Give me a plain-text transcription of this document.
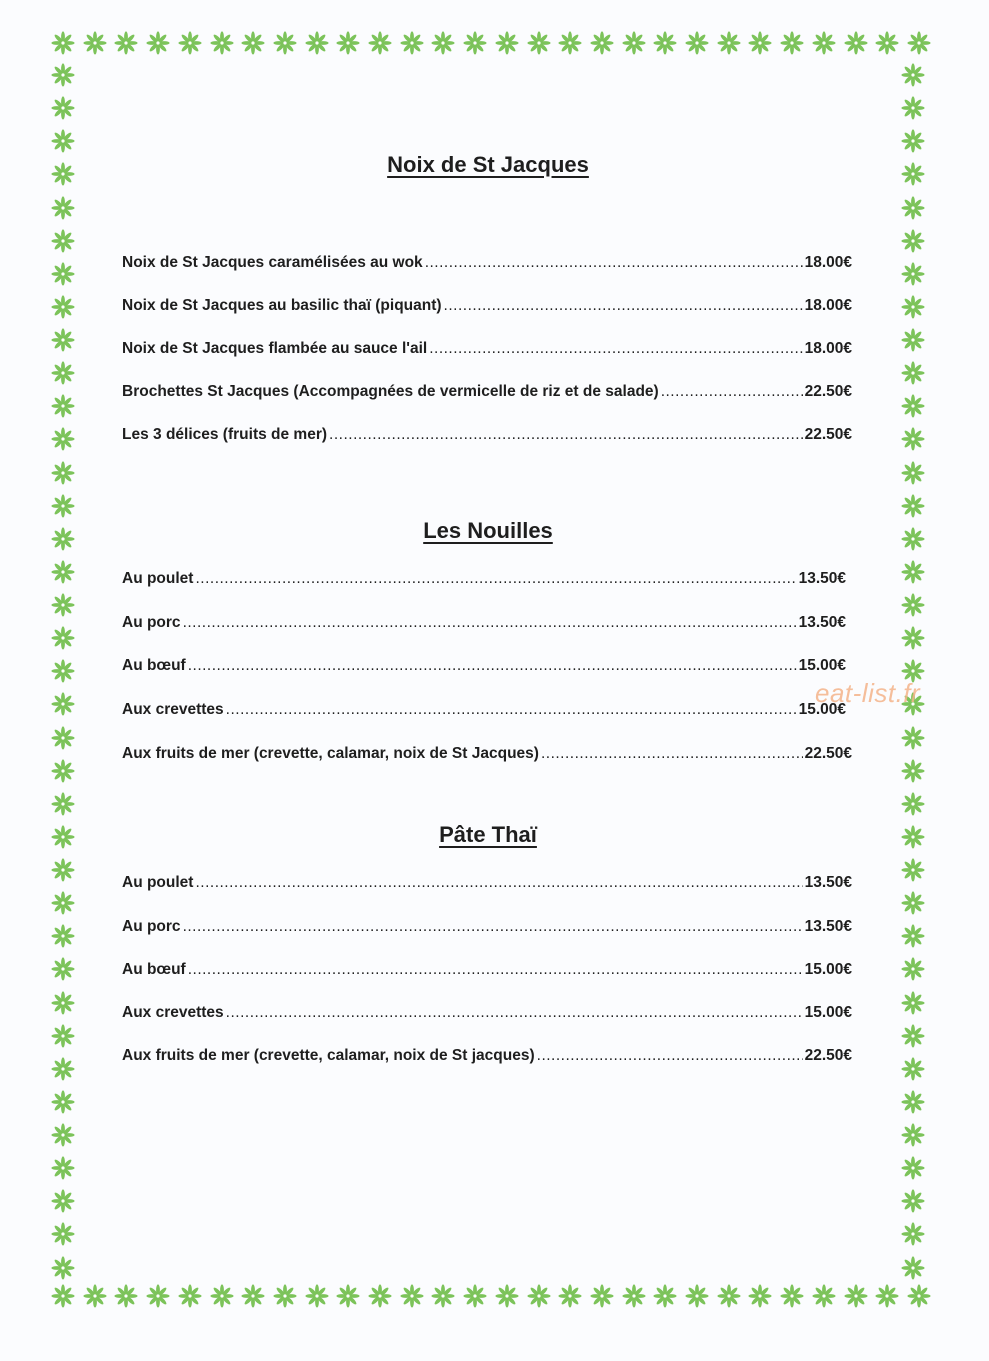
Noix de St Jacques
Noix de St Jacques caramélisées au wok .....	18.00€
Noix de St Jacques au basilic thaï (piquant) .....	18.00€
Noix de St Jacques flambée au sauce l'ail .....	18.00€
Brochettes St Jacques (Accompagnées de vermicelle de riz et de salade) .....	22.50€
Les 3 délices (fruits de mer) .....	22.50€
Les Nouilles
Au poulet .....	13.50€
Au porc .....	13.50€
Au bœuf .....	15.00€
Aux crevettes .....	15.00€
Aux fruits de mer (crevette, calamar, noix de St Jacques) .....	22.50€
Pâte Thaï
Au poulet .....	13.50€
Au porc .....	13.50€
Au bœuf .....	15.00€
Aux crevettes .....	15.00€
Aux fruits de mer (crevette, calamar, noix de St jacques) .....	22.50€
eat-list.fr
